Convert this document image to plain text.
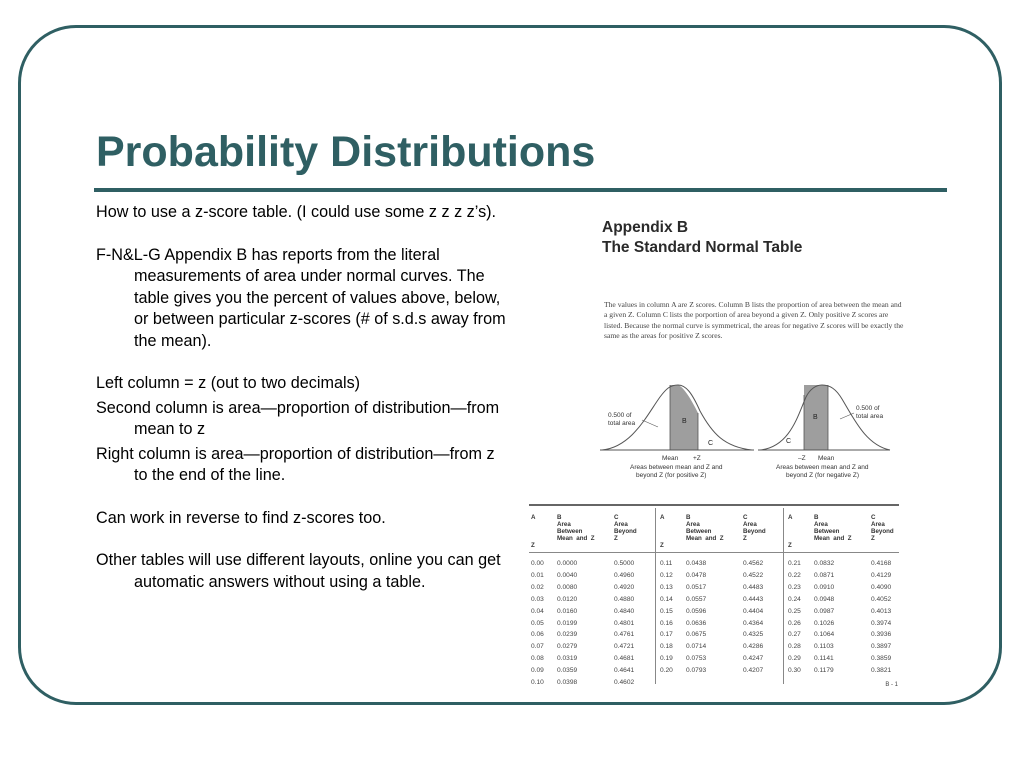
Probability Distributions

How to use a z-score table. (I could use some z z z z’s).

F-N&L-G Appendix B has reports from the literal measurements of area under normal curves. The table gives you the percent of values above, below, or between particular z-scores (# of s.d.s away from the mean).

Left column = z (out to two decimals)

Second column is area—proportion of distribution—from mean to z

Right column is area—proportion of distribution—from z to the end of the line.

Can work in reverse to find z-scores too.

Other tables will use different layouts, online you can get automatic answers without using a table.

Appendix B
The Standard Normal Table
The values in column A are Z scores. Column B lists the proportion of area between the mean and a given Z. Column C lists the porportion of area beyond a given Z. Only positive Z scores are listed. Because the normal curve is symmetrical, the areas for negative Z scores will be exactly the same as the areas for positive Z scores.
0.500 of
total area	B
C
Mean +Z
Areas between mean and Z and
beyond Z (for positive Z)
0.500 of
total area
B
C
–Z Mean
Areas between mean and Z and
beyond Z (for negative Z)
A
Z
B
Area
Between
Mean  and  Z
C
Area
Beyond
Z
0.00
0.01
0.02
0.03
0.04
0.05
0.06
0.07
0.08
0.09
0.10
0.0000
0.0040
0.0080
0.0120
0.0160
0.0199
0.0239
0.0279
0.0319
0.0359
0.0398
0.5000
0.4960
0.4920
0.4880
0.4840
0.4801
0.4761
0.4721
0.4681
0.4641
0.4602
A
Z
B
Area
Between
Mean  and  Z
C
Area
Beyond
Z
0.11
0.12
0.13
0.14
0.15
0.16
0.17
0.18
0.19
0.20
0.0438
0.0478
0.0517
0.0557
0.0596
0.0636
0.0675
0.0714
0.0753
0.0793
0.4562
0.4522
0.4483
0.4443
0.4404
0.4364
0.4325
0.4286
0.4247
0.4207
A
Z
B
Area
Between
Mean  and  Z
C
Area
Beyond
Z
0.21
0.22
0.23
0.24
0.25
0.26
0.27
0.28
0.29
0.30
0.0832
0.0871
0.0910
0.0948
0.0987
0.1026
0.1064
0.1103
0.1141
0.1179
0.4168
0.4129
0.4090
0.4052
0.4013
0.3974
0.3936
0.3897
0.3859
0.3821
B - 1
